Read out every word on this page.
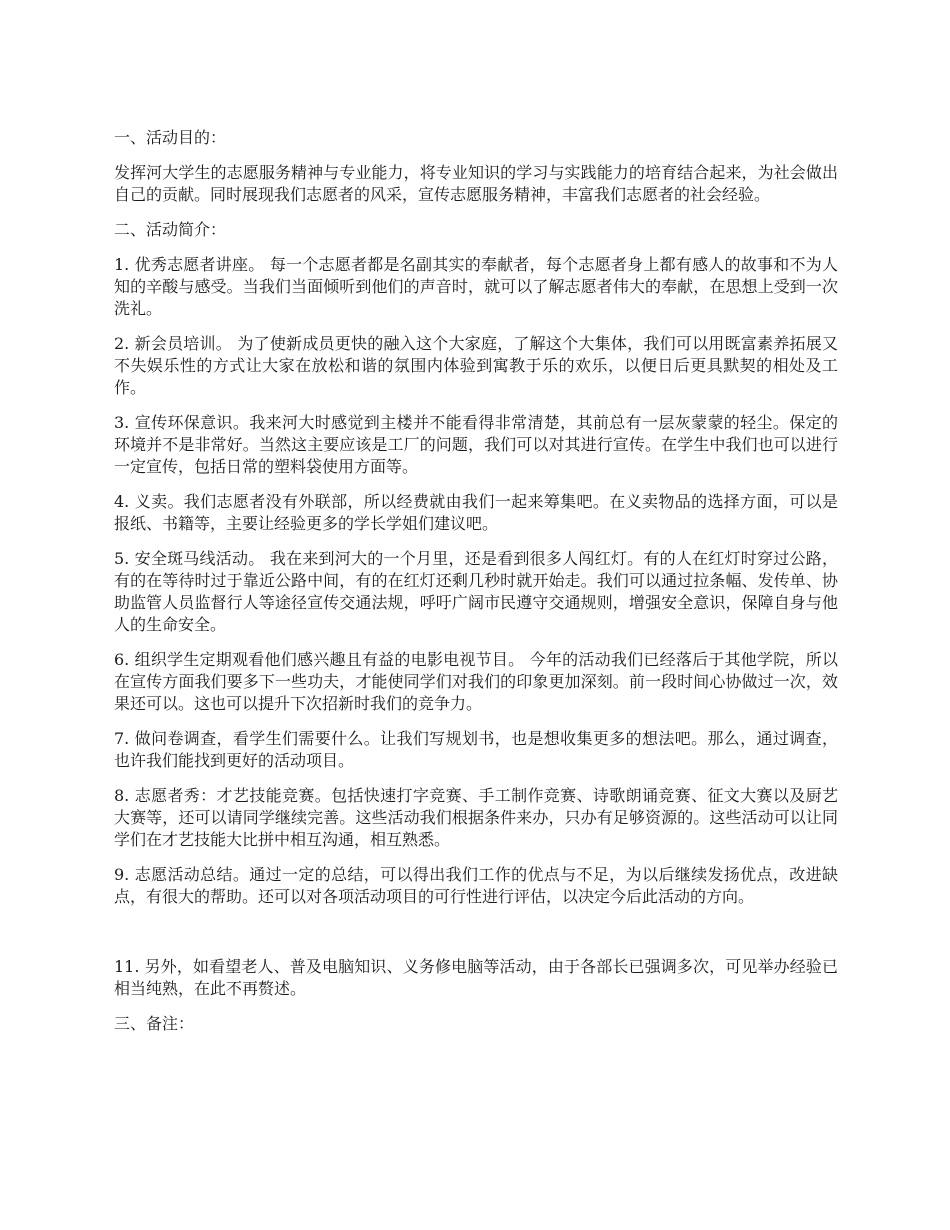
一、活动目的：
发挥河大学生的志愿服务精神与专业能力，将专业知识的学习与实践能力的培育结合起来，为社会做出自己的贡献。同时展现我们志愿者的风采，宣传志愿服务精神，丰富我们志愿者的社会经验。
二、活动简介：
1. 优秀志愿者讲座。 每一个志愿者都是名副其实的奉献者，每个志愿者身上都有感人的故事和不为人知的辛酸与感受。当我们当面倾听到他们的声音时，就可以了解志愿者伟大的奉献，在思想上受到一次洗礼。
2. 新会员培训。 为了使新成员更快的融入这个大家庭，了解这个大集体，我们可以用既富素养拓展又不失娱乐性的方式让大家在放松和谐的氛围内体验到寓教于乐的欢乐，以便日后更具默契的相处及工作。
3. 宣传环保意识。我来河大时感觉到主楼并不能看得非常清楚，其前总有一层灰蒙蒙的轻尘。保定的环境并不是非常好。当然这主要应该是工厂的问题，我们可以对其进行宣传。在学生中我们也可以进行一定宣传，包括日常的塑料袋使用方面等。
4. 义卖。我们志愿者没有外联部，所以经费就由我们一起来筹集吧。在义卖物品的选择方面，可以是报纸、书籍等，主要让经验更多的学长学姐们建议吧。
5. 安全斑马线活动。 我在来到河大的一个月里，还是看到很多人闯红灯。有的人在红灯时穿过公路，有的在等待时过于靠近公路中间，有的在红灯还剩几秒时就开始走。我们可以通过拉条幅、发传单、协助监管人员监督行人等途径宣传交通法规，呼吁广阔市民遵守交通规则，增强安全意识，保障自身与他人的生命安全。
6. 组织学生定期观看他们感兴趣且有益的电影电视节目。 今年的活动我们已经落后于其他学院，所以在宣传方面我们要多下一些功夫，才能使同学们对我们的印象更加深刻。前一段时间心协做过一次，效果还可以。这也可以提升下次招新时我们的竞争力。
7. 做问卷调查，看学生们需要什么。让我们写规划书，也是想收集更多的想法吧。那么，通过调查，也许我们能找到更好的活动项目。
8. 志愿者秀：才艺技能竞赛。包括快速打字竞赛、手工制作竞赛、诗歌朗诵竞赛、征文大赛以及厨艺大赛等，还可以请同学继续完善。这些活动我们根据条件来办，只办有足够资源的。这些活动可以让同学们在才艺技能大比拼中相互沟通，相互熟悉。
9. 志愿活动总结。通过一定的总结，可以得出我们工作的优点与不足，为以后继续发扬优点，改进缺点，有很大的帮助。还可以对各项活动项目的可行性进行评估，以决定今后此活动的方向。
11. 另外，如看望老人、普及电脑知识、义务修电脑等活动，由于各部长已强调多次，可见举办经验已相当纯熟，在此不再赘述。
三、备注：
